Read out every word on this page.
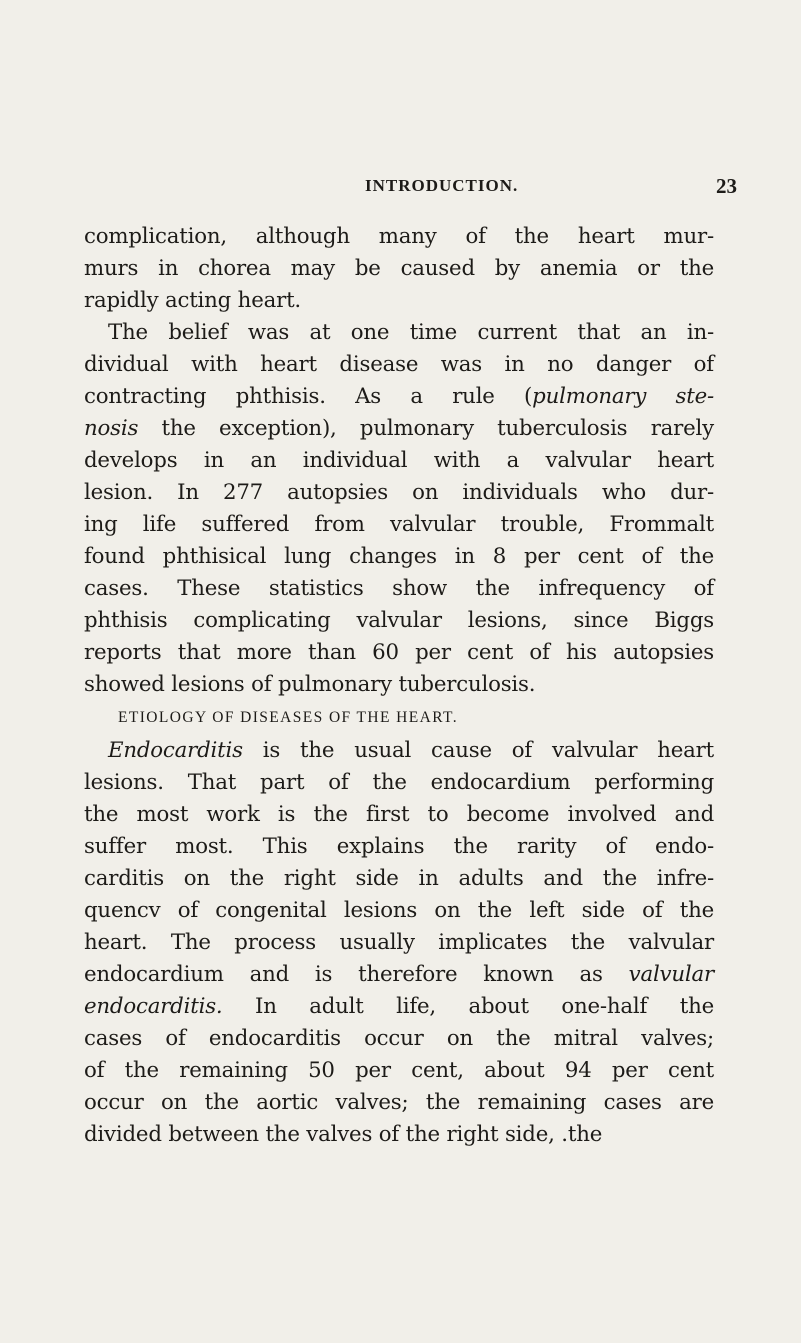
INTRODUCTION.	23
complication, although many of the heart mur-
murs in chorea may be caused by anemia or the
rapidly acting heart.
The belief was at one time current that an in-
dividual with heart disease was in no danger of
contracting phthisis. As a rule (pulmonary ste-
nosis the exception), pulmonary tuberculosis rarely
develops in an individual with a valvular heart
lesion. In 277 autopsies on individuals who dur-
ing life suffered from valvular trouble, Frommalt
found phthisical lung changes in 8 per cent of the
cases. These statistics show the infrequency of
phthisis complicating valvular lesions, since Biggs
reports that more than 60 per cent of his autopsies
showed lesions of pulmonary tuberculosis.
ETIOLOGY OF DISEASES OF THE HEART.
Endocarditis is the usual cause of valvular heart
lesions. That part of the endocardium performing
the most work is the first to become involved and
suffer most. This explains the rarity of endo-
carditis on the right side in adults and the infre-
quencv of congenital lesions on the left side of the
heart. The process usually implicates the valvular
endocardium and is therefore known as valvular
endocarditis. In adult life, about one-half the
cases of endocarditis occur on the mitral valves;
of the remaining 50 per cent, about 94 per cent
occur on the aortic valves; the remaining cases are
divided between the valves of the right side, .the
